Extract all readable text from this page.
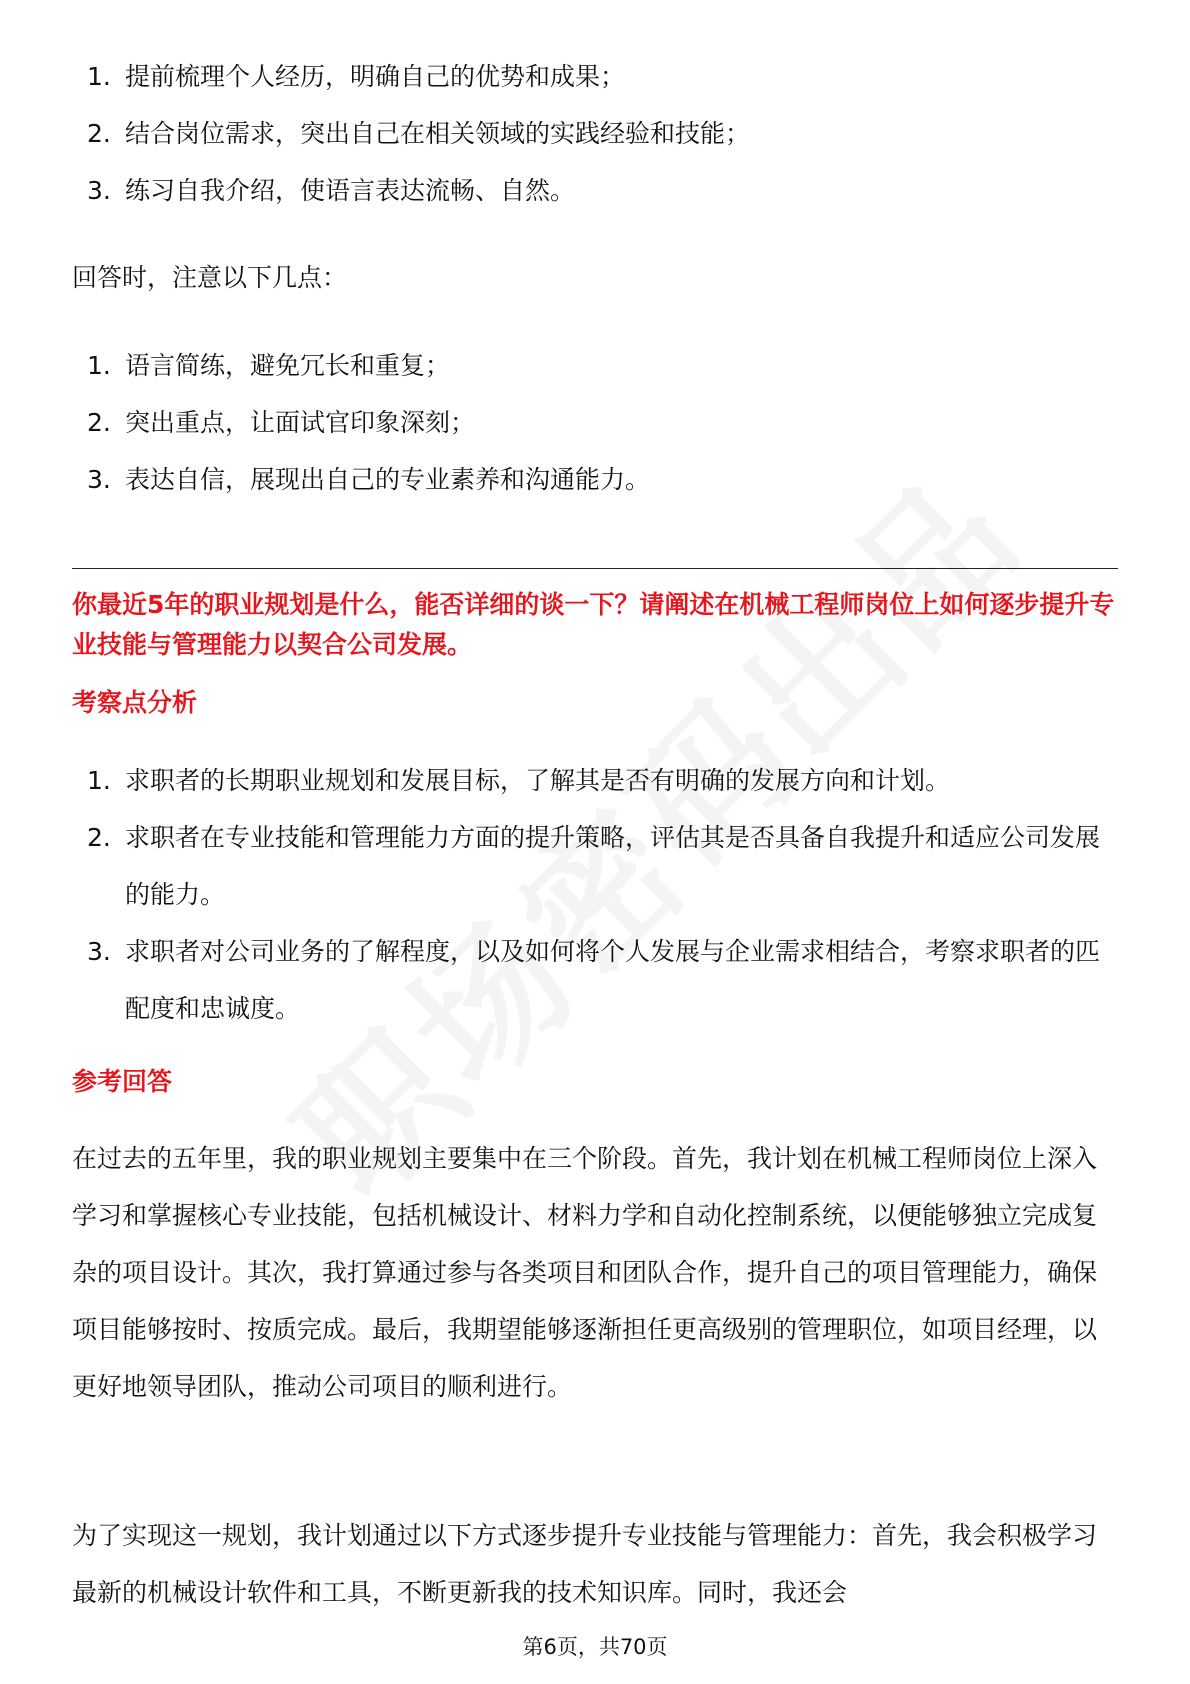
1. 提前梳理个人经历，明确自己的优势和成果；
2. 结合岗位需求，突出自己在相关领域的实践经验和技能；
3. 练习自我介绍，使语言表达流畅、自然。

回答时，注意以下几点：

1. 语言简练，避免冗长和重复；
2. 突出重点，让面试官印象深刻；
3. 表达自信，展现出自己的专业素养和沟通能力。

你最近5年的职业规划是什么，能否详细的谈一下？请阐述在机械工程师岗位上如何逐步提升专业技能与管理能力以契合公司发展。

考察点分析

1. 求职者的长期职业规划和发展目标，了解其是否有明确的发展方向和计划。
2. 求职者在专业技能和管理能力方面的提升策略，评估其是否具备自我提升和适应公司发展的能力。
3. 求职者对公司业务的了解程度，以及如何将个人发展与企业需求相结合，考察求职者的匹配度和忠诚度。

参考回答

在过去的五年里，我的职业规划主要集中在三个阶段。首先，我计划在机械工程师岗位上深入学习和掌握核心专业技能，包括机械设计、材料力学和自动化控制系统，以便能够独立完成复杂的项目设计。其次，我打算通过参与各类项目和团队合作，提升自己的项目管理能力，确保项目能够按时、按质完成。最后，我期望能够逐渐担任更高级别的管理职位，如项目经理，以更好地领导团队，推动公司项目的顺利进行。

为了实现这一规划，我计划通过以下方式逐步提升专业技能与管理能力：首先，我会积极学习最新的机械设计软件和工具，不断更新我的技术知识库。同时，我还会

第6页，共70页
